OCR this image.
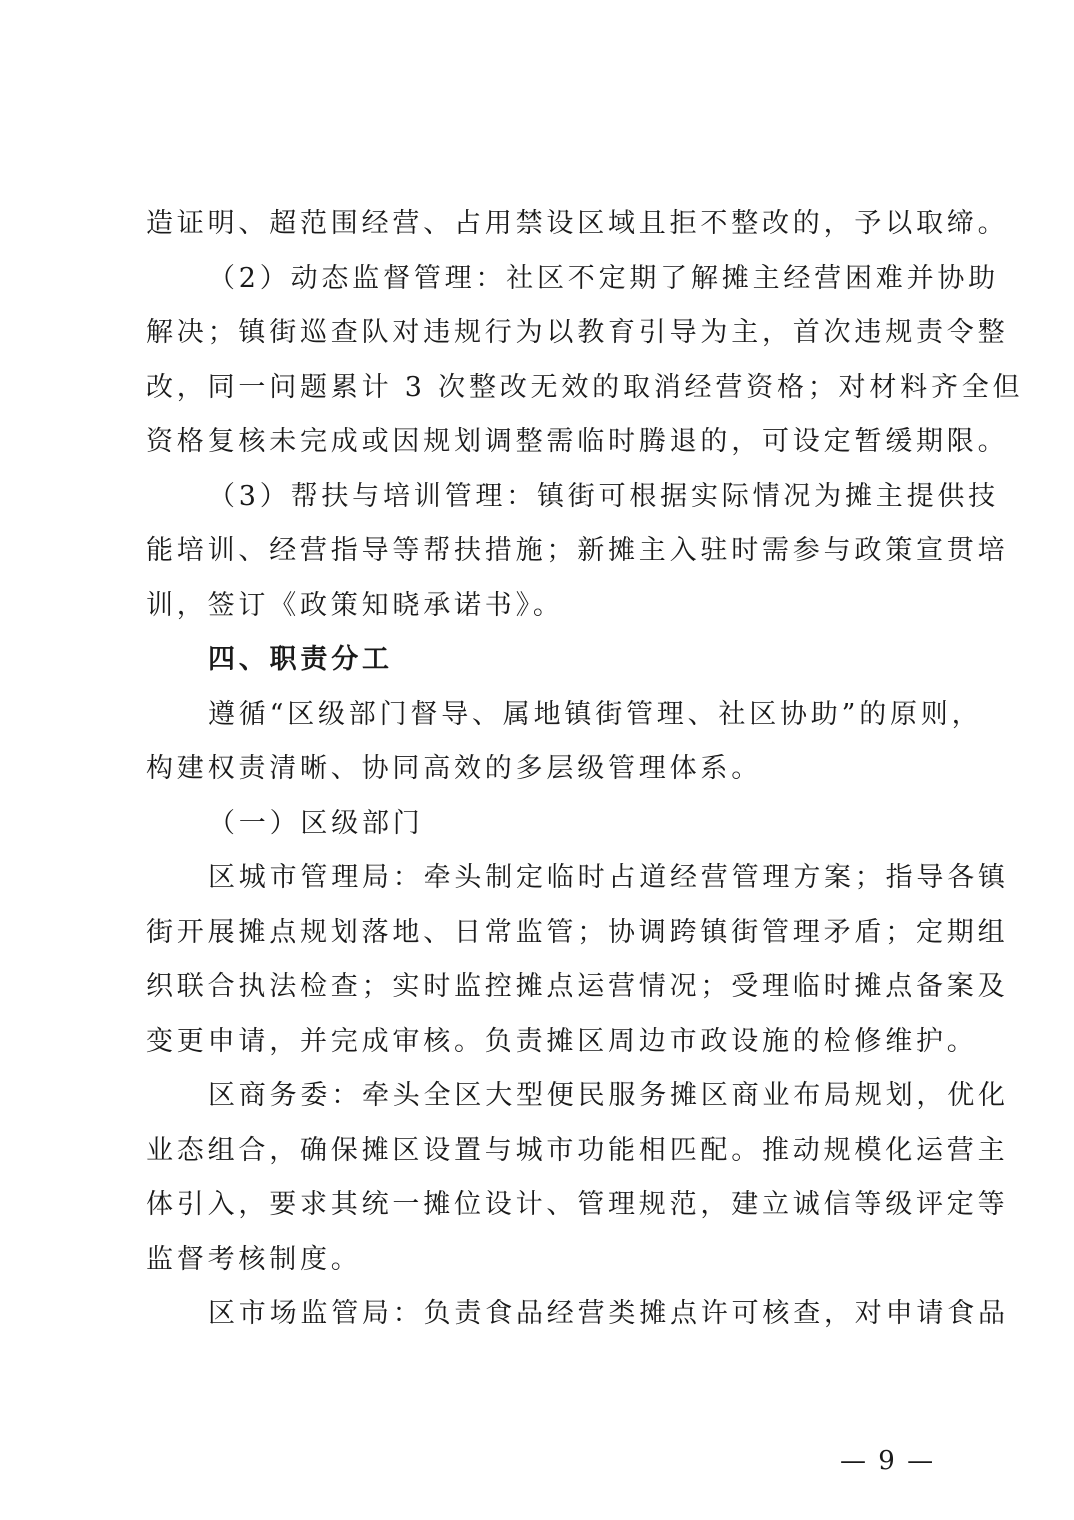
造证明、超范围经营、占用禁设区域且拒不整改的，予以取缔。
（2）动态监督管理：社区不定期了解摊主经营困难并协助
解决；镇街巡查队对违规行为以教育引导为主，首次违规责令整
改，同一问题累计 3 次整改无效的取消经营资格；对材料齐全但
资格复核未完成或因规划调整需临时腾退的，可设定暂缓期限。
（3）帮扶与培训管理：镇街可根据实际情况为摊主提供技
能培训、经营指导等帮扶措施；新摊主入驻时需参与政策宣贯培
训，签订《政策知晓承诺书》。
四、职责分工
遵循“区级部门督导、属地镇街管理、社区协助”的原则，
构建权责清晰、协同高效的多层级管理体系。
（一）区级部门
区城市管理局：牵头制定临时占道经营管理方案；指导各镇
街开展摊点规划落地、日常监管；协调跨镇街管理矛盾；定期组
织联合执法检查；实时监控摊点运营情况；受理临时摊点备案及
变更申请，并完成审核。负责摊区周边市政设施的检修维护。
区商务委：牵头全区大型便民服务摊区商业布局规划，优化
业态组合，确保摊区设置与城市功能相匹配。推动规模化运营主
体引入，要求其统一摊位设计、管理规范，建立诚信等级评定等
监督考核制度。
区市场监管局：负责食品经营类摊点许可核查，对申请食品
— 9 —
